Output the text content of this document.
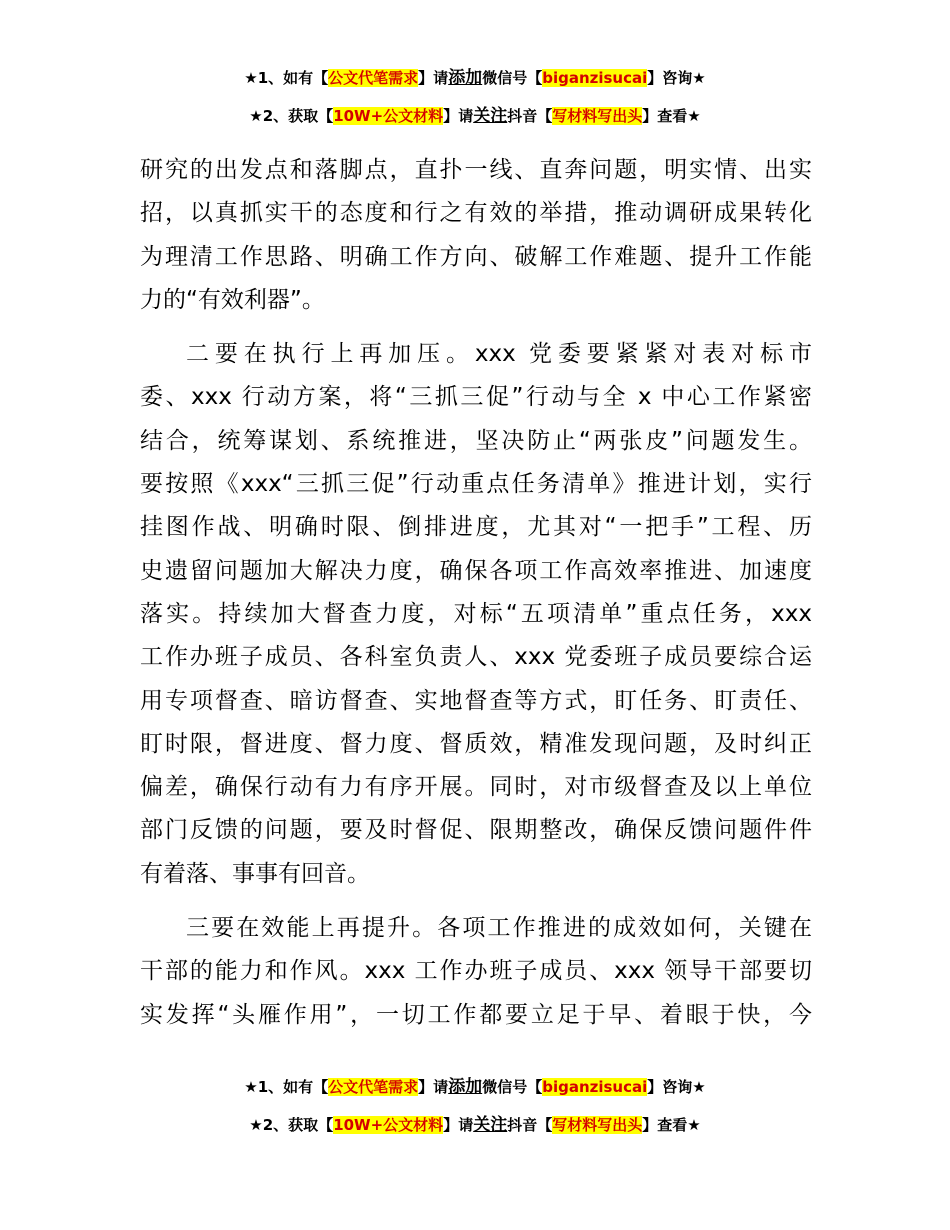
★1、如有【公文代笔需求】请添加微信号【biganzisucai】咨询★
★2、获取【10W+公文材料】请关注抖音【写材料写出头】查看★

研究的出发点和落脚点，直扑一线、直奔问题，明实情、出实
招，以真抓实干的态度和行之有效的举措，推动调研成果转化
为理清工作思路、明确工作方向、破解工作难题、提升工作能
力的“有效利器”。

二要在执行上再加压。xxx 党委要紧紧对表对标市
委、xxx 行动方案，将“三抓三促”行动与全 x 中心工作紧密
结合，统筹谋划、系统推进，坚决防止“两张皮”问题发生。
要按照《xxx“三抓三促”行动重点任务清单》推进计划，实行
挂图作战、明确时限、倒排进度，尤其对“一把手”工程、历
史遗留问题加大解决力度，确保各项工作高效率推进、加速度
落实。持续加大督查力度，对标“五项清单”重点任务，xxx
工作办班子成员、各科室负责人、xxx 党委班子成员要综合运
用专项督查、暗访督查、实地督查等方式，盯任务、盯责任、
盯时限，督进度、督力度、督质效，精准发现问题，及时纠正
偏差，确保行动有力有序开展。同时，对市级督查及以上单位
部门反馈的问题，要及时督促、限期整改，确保反馈问题件件
有着落、事事有回音。

三要在效能上再提升。各项工作推进的成效如何，关键在
干部的能力和作风。xxx 工作办班子成员、xxx 领导干部要切
实发挥“头雁作用”，一切工作都要立足于早、着眼于快，今

★1、如有【公文代笔需求】请添加微信号【biganzisucai】咨询★
★2、获取【10W+公文材料】请关注抖音【写材料写出头】查看★
